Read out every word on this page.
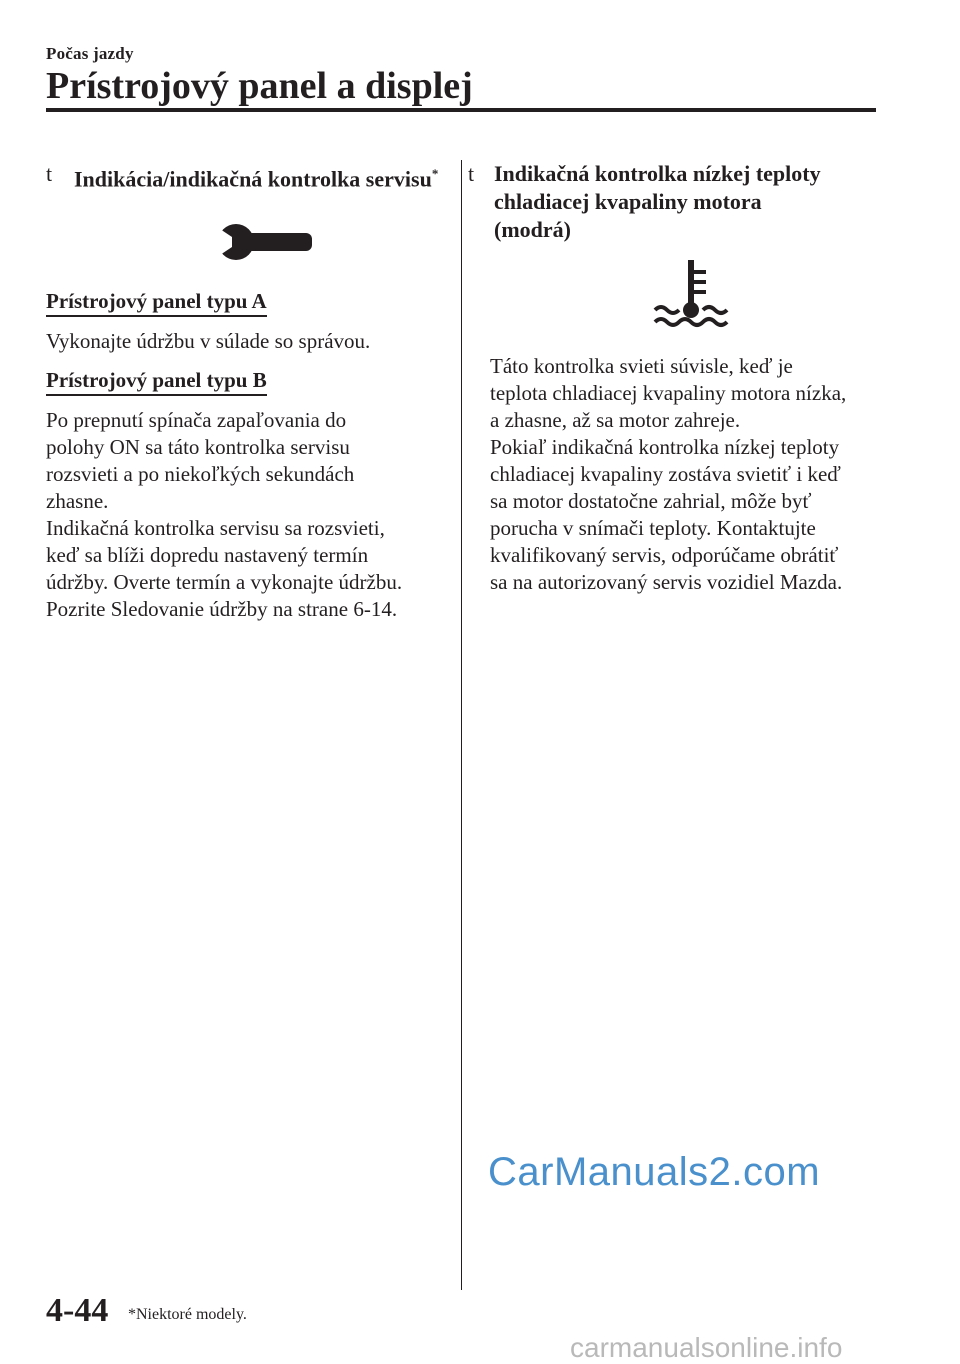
Počas jazdy
Prístrojový panel a displej
t Indikácia/indikačná kontrolka servisu*
Prístrojový panel typu A

Vykonajte údržbu v súlade so správou.

Prístrojový panel typu B

Po prepnutí spínača zapaľovania do

polohy ON sa táto kontrolka servisu

rozsvieti a po niekoľkých sekundách

zhasne.

Indikačná kontrolka servisu sa rozsvieti,

keď sa blíži dopredu nastavený termín

údržby. Overte termín a vykonajte údržbu.

Pozrite Sledovanie údržby na strane 6-14.

t Indikačná kontrolka nízkej teploty
chladiacej kvapaliny motora
(modrá)

Táto kontrolka svieti súvisle, keď je

teplota chladiacej kvapaliny motora nízka,

a zhasne, až sa motor zahreje.

Pokiaľ indikačná kontrolka nízkej teploty

chladiacej kvapaliny zostáva svietiť i keď

sa motor dostatočne zahrial, môže byť

porucha v snímači teploty. Kontaktujte

kvalifikovaný servis, odporúčame obrátiť

sa na autorizovaný servis vozidiel Mazda.

CarManuals2.com
4-44 *Niektoré modely.
carmanualsonline.info
